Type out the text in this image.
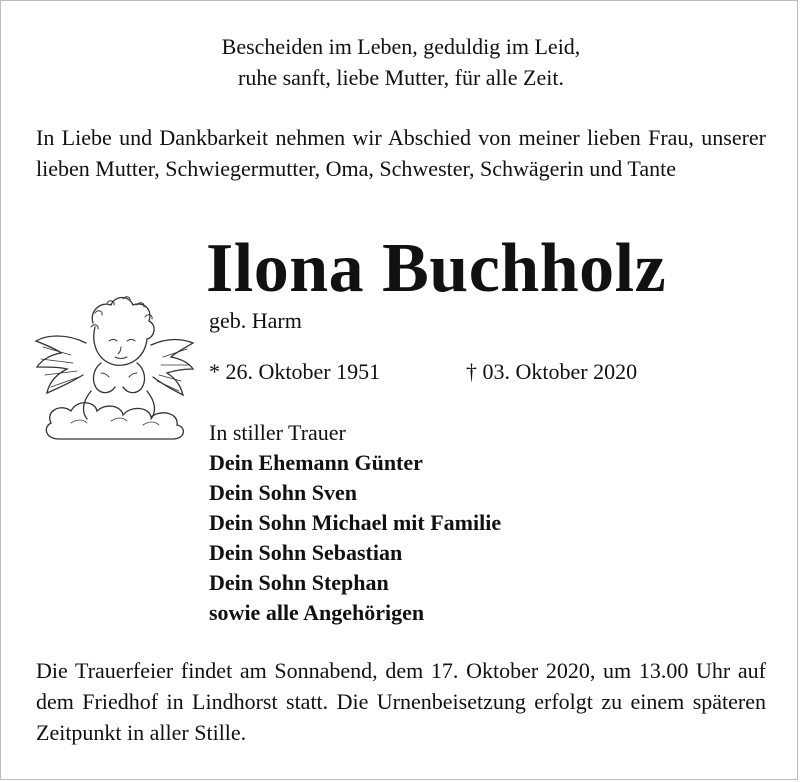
Bescheiden im Leben, geduldig im Leid,
ruhe sanft, liebe Mutter, für alle Zeit.
In Liebe und Dankbarkeit nehmen wir Abschied von meiner lieben Frau, unserer lieben Mutter, Schwiegermutter, Oma, Schwester, Schwägerin und Tante
Ilona Buchholz
geb. Harm
* 26. Oktober 1951	† 03. Oktober 2020
In stiller Trauer
Dein Ehemann Günter
Dein Sohn Sven
Dein Sohn Michael mit Familie
Dein Sohn Sebastian
Dein Sohn Stephan
sowie alle Angehörigen
Die Trauerfeier findet am Sonnabend, dem 17. Oktober 2020, um 13.00 Uhr auf dem Friedhof in Lindhorst statt. Die Urnenbeisetzung erfolgt zu einem späteren Zeitpunkt in aller Stille.
